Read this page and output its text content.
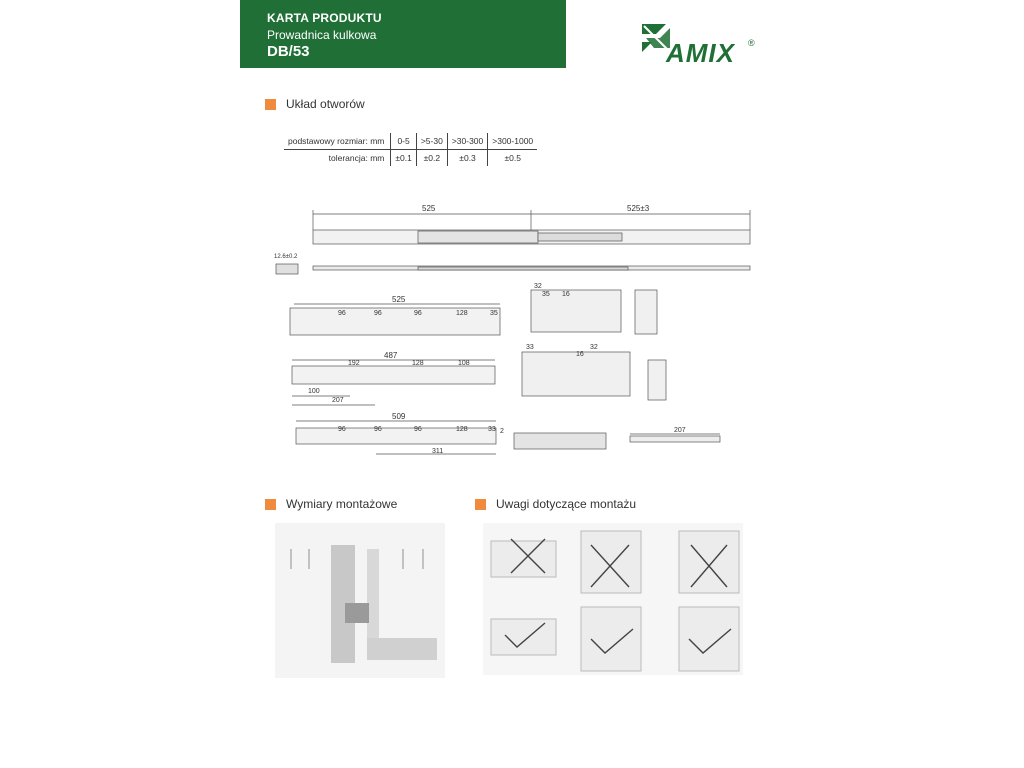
KARTA PRODUKTU
Prowadnica kulkowa
DB/53	AMIX ®
Układ otworów
podstawowy rozmiar: mm	0-5	>5-30	>30-300	>300-1000
tolerancja: mm	±0.1	±0.2	±0.3	±0.5
525	525±3
12.6±0.2
525
96	96	96	128	35
32
35 16
487
192	128	108
100
207
33	32
16
509
96	96	96	128	33 2
311
207
Wymiary montażowe	Uwagi dotyczące montażu
